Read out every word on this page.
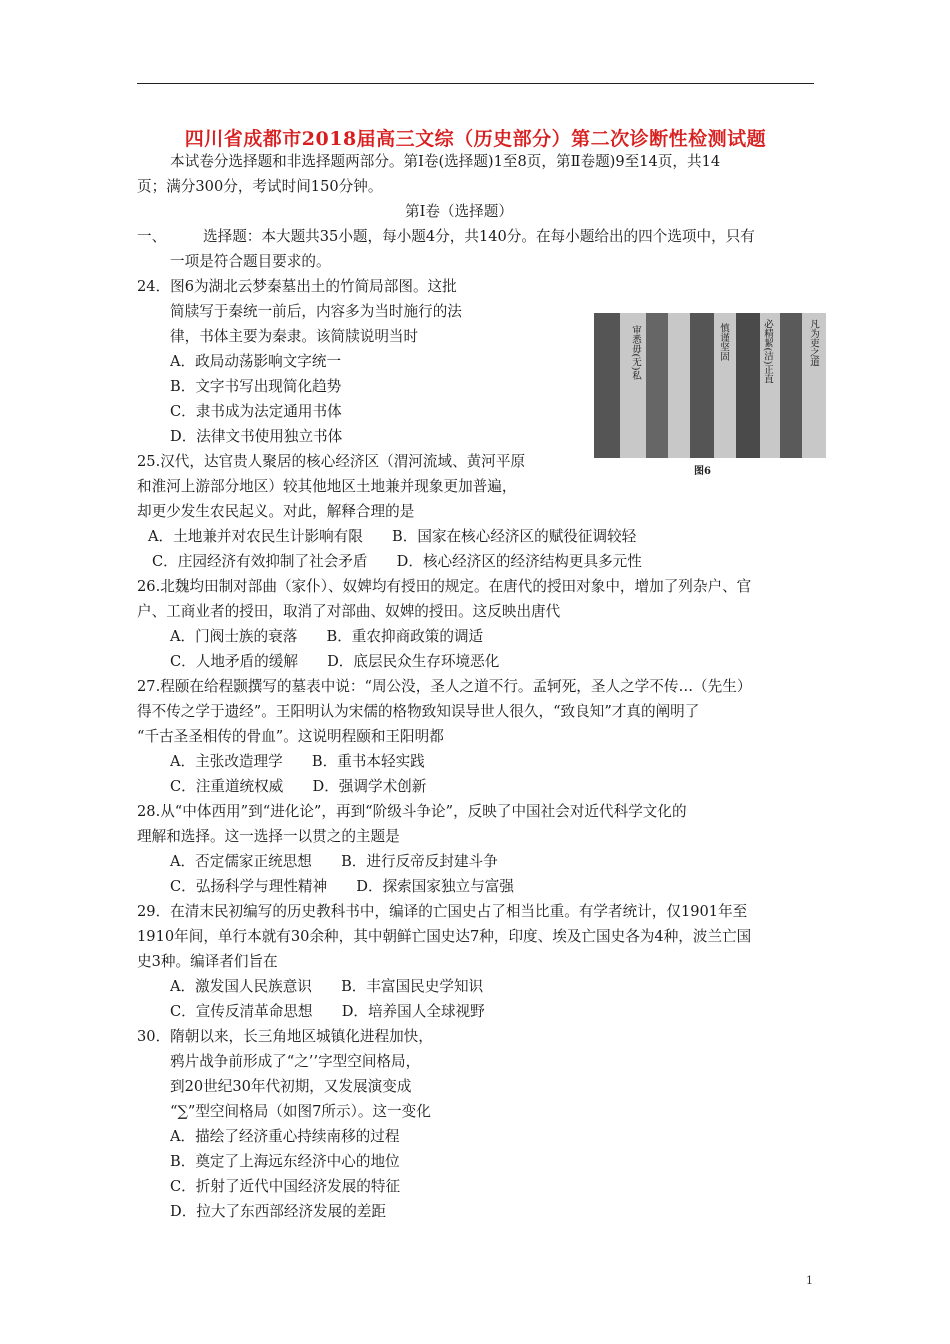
四川省成都市2018届高三文综（历史部分）第二次诊断性检测试题
本试卷分选择题和非选择题两部分。第Ⅰ卷(选择题)1至8页，第Ⅱ卷题)9至14页，共14
页；满分300分，考试时间150分钟。
第Ⅰ卷（选择题）
一、	选择题：本大题共35小题，每小题4分，共140分。在每小题给出的四个选项中，只有
一项是符合题目要求的。
24．图6为湖北云梦秦墓出土的竹简局部图。这批
简牍写于秦统一前后，内容多为当时施行的法
律，书体主要为秦隶。该简牍说明当时
A．政局动荡影响文字统一
B．文字书写出现简化趋势
C．隶书成为法定通用书体
D．法律文书使用独立书体
凡为吏之道
必精絜(洁)正直
慎谨坚固
审悉毋(无)私
图6
25.汉代，达官贵人聚居的核心经济区（渭河流域、黄河平原
和淮河上游部分地区）较其他地区土地兼并现象更加普遍，
却更少发生农民起义。对此，解释合理的是
A．土地兼并对农民生计影响有限　　B．国家在核心经济区的赋役征调较轻
C．庄园经济有效抑制了社会矛盾　　D．核心经济区的经济结构更具多元性
26.北魏均田制对部曲（家仆）、奴婢均有授田的规定。在唐代的授田对象中，增加了列杂户、官
户、工商业者的授田，取消了对部曲、奴婢的授田。这反映出唐代
A．门阀士族的衰落　　B．重农抑商政策的调适
C．人地矛盾的缓解　　D．底层民众生存环境恶化
27.程颐在给程颢撰写的墓表中说：“周公没，圣人之道不行。孟轲死，圣人之学不传…（先生）
得不传之学于遗经”。王阳明认为宋儒的格物致知误导世人很久，“致良知”才真的阐明了
“千古圣圣相传的骨血”。这说明程颐和王阳明都
A．主张改造理学　　B．重书本轻实践
C．注重道统权威　　D．强调学术创新
28.从“中体西用”到“进化论”，再到“阶级斗争论”，反映了中国社会对近代科学文化的
理解和选择。这一选择一以贯之的主题是
A．否定儒家正统思想　　B．进行反帝反封建斗争
C．弘扬科学与理性精神　　D．探索国家独立与富强
29．在清末民初编写的历史教科书中，编译的亡国史占了相当比重。有学者统计，仅1901年至
1910年间，单行本就有30余种，其中朝鲜亡国史达7种，印度、埃及亡国史各为4种，波兰亡国
史3种。编译者们旨在
A．激发国人民族意识　　B．丰富国民史学知识
C．宣传反清革命思想　　D．培养国人全球视野
30．隋朝以来，长三角地区城镇化进程加快，
鸦片战争前形成了“之’’字型空间格局，
到20世纪30年代初期，又发展演变成
“∑”型空间格局（如图7所示）。这一变化
A．描绘了经济重心持续南移的过程
B．奠定了上海远东经济中心的地位
C．折射了近代中国经济发展的特征
D．拉大了东西部经济发展的差距
1
